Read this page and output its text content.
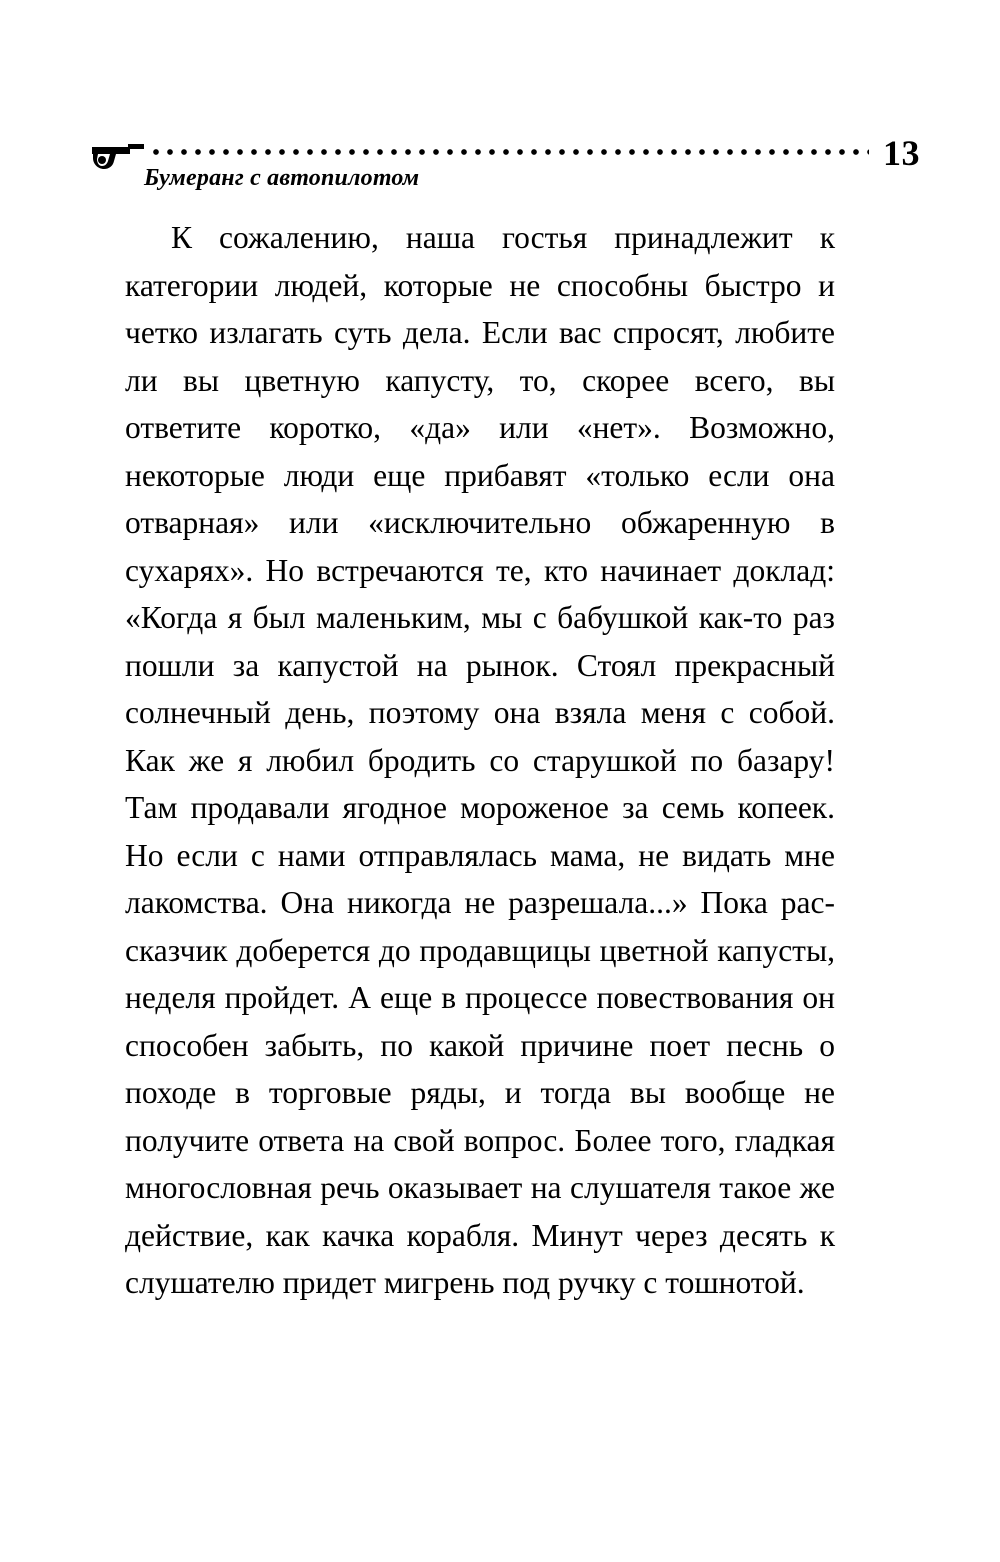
13
Бумеранг с автопилотом

К сожалению, наша гостья принадлежит к категории людей, которые не способны быстро и четко излагать суть дела. Если вас спросят, любите ли вы цветную капусту, то, скорее всего, вы ответите коротко, «да» или «нет». Возможно, некоторые люди еще прибавят «только если она отварная» или «исключительно обжаренную в сухарях». Но встречаются те, кто начинает доклад: «Когда я был маленьким, мы с бабушкой как-то раз пошли за капустой на рынок. Стоял прекрасный солнечный день, поэтому она взяла меня с собой. Как же я любил бродить со старушкой по базару! Там продавали ягодное мороженое за семь копеек. Но если с нами отправлялась мама, не видать мне лакомства. Она никогда не разрешала...» Пока рассказчик доберется до продавщицы цветной капусты, неделя пройдет. А еще в процессе повествования он способен забыть, по какой причине поет песнь о походе в торговые ряды, и тогда вы вообще не получите ответа на свой вопрос. Более того, гладкая многословная речь оказывает на слушателя такое же действие, как качка корабля. Минут через десять к слушателю придет мигрень под ручку с тошнотой.
